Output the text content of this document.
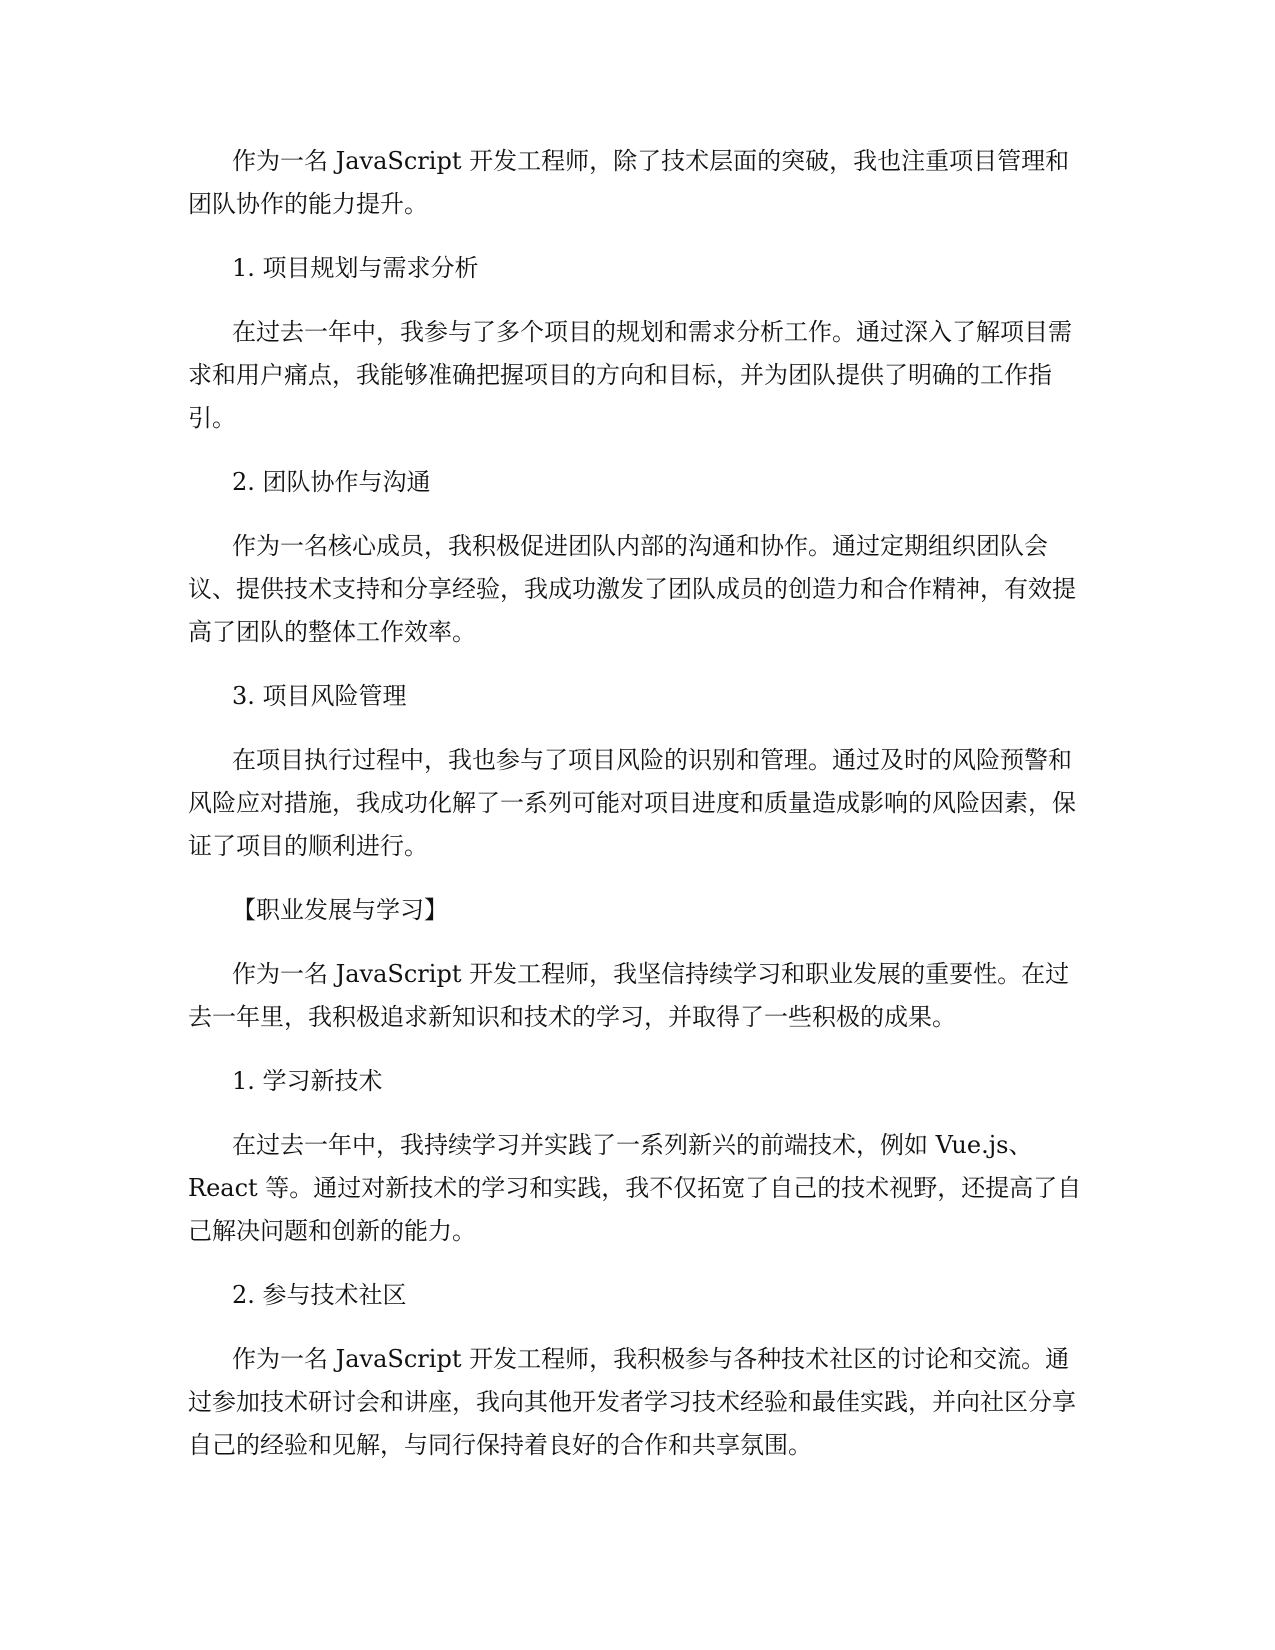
作为一名 JavaScript 开发工程师，除了技术层面的突破，我也注重项目管理和团队协作的能力提升。

1. 项目规划与需求分析

在过去一年中，我参与了多个项目的规划和需求分析工作。通过深入了解项目需求和用户痛点，我能够准确把握项目的方向和目标，并为团队提供了明确的工作指引。

2. 团队协作与沟通

作为一名核心成员，我积极促进团队内部的沟通和协作。通过定期组织团队会议、提供技术支持和分享经验，我成功激发了团队成员的创造力和合作精神，有效提高了团队的整体工作效率。

3. 项目风险管理

在项目执行过程中，我也参与了项目风险的识别和管理。通过及时的风险预警和风险应对措施，我成功化解了一系列可能对项目进度和质量造成影响的风险因素，保证了项目的顺利进行。

【职业发展与学习】

作为一名 JavaScript 开发工程师，我坚信持续学习和职业发展的重要性。在过去一年里，我积极追求新知识和技术的学习，并取得了一些积极的成果。

1. 学习新技术

在过去一年中，我持续学习并实践了一系列新兴的前端技术，例如 Vue.js、React 等。通过对新技术的学习和实践，我不仅拓宽了自己的技术视野，还提高了自己解决问题和创新的能力。

2. 参与技术社区

作为一名 JavaScript 开发工程师，我积极参与各种技术社区的讨论和交流。通过参加技术研讨会和讲座，我向其他开发者学习技术经验和最佳实践，并向社区分享自己的经验和见解，与同行保持着良好的合作和共享氛围。
